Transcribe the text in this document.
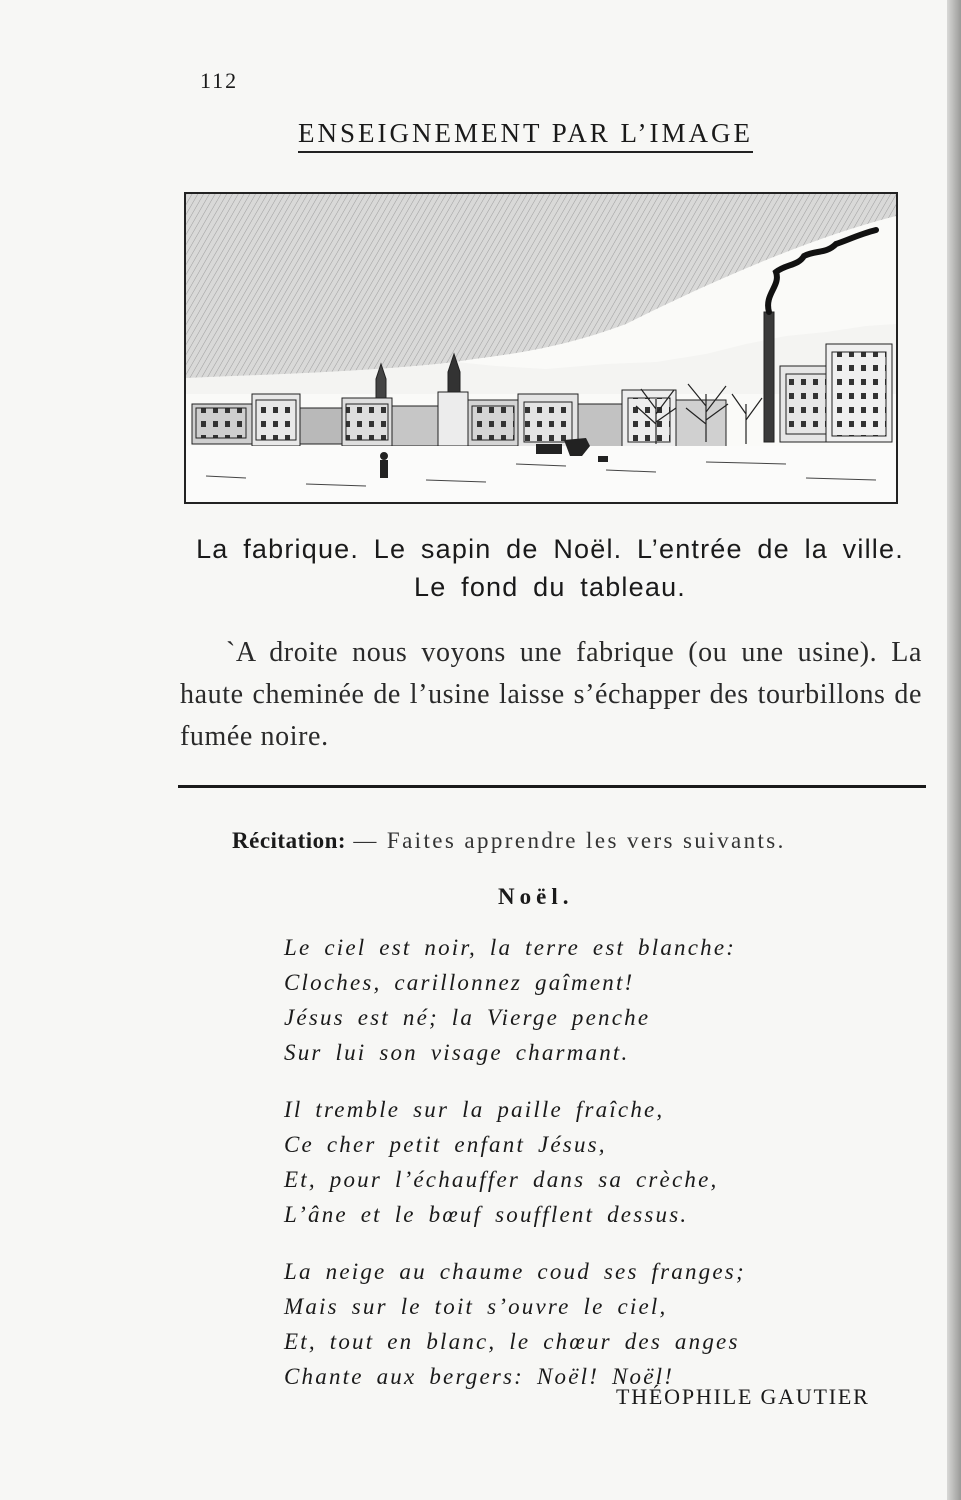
112
ENSEIGNEMENT PAR L’IMAGE
La fabrique. Le sapin de Noël. L’entrée de la ville. Le fond du tableau.

`A droite nous voyons une fabrique (ou une usine). La haute cheminée de l’usine laisse s’échapper des tourbillons de fumée noire.

Récitation: — Faites apprendre les vers suivants.
Noël.
Le ciel est noir, la terre est blanche:
Cloches, carillonnez gaîment!
Jésus est né; la Vierge penche
Sur lui son visage charmant.
Il tremble sur la paille fraîche,
Ce cher petit enfant Jésus,
Et, pour l’échauffer dans sa crèche,
L’âne et le bœuf soufflent dessus.
La neige au chaume coud ses franges;
Mais sur le toit s’ouvre le ciel,
Et, tout en blanc, le chœur des anges
Chante aux bergers: Noël! Noël!
THÉOPHILE GAUTIER
